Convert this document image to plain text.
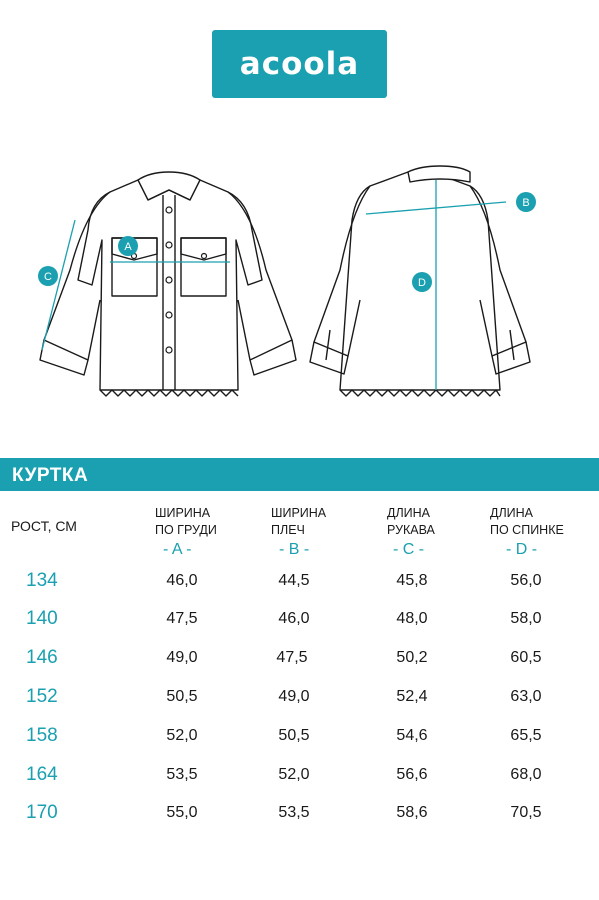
acoola
A
B
C	D
КУРТКА
РОСТ, СМ
ШИРИНА
ПО ГРУДИ
ШИРИНА
ПЛЕЧ
ДЛИНА
РУКАВА
ДЛИНА
ПО СПИНКЕ
- A -	- B -	- C -	- D -
134	46,0	44,5	45,8	56,0
140	47,5	46,0	48,0	58,0
146	49,0	47,5	50,2	60,5
152	50,5	49,0	52,4	63,0
158	52,0	50,5	54,6	65,5
164	53,5	52,0	56,6	68,0
170	55,0	53,5	58,6	70,5
